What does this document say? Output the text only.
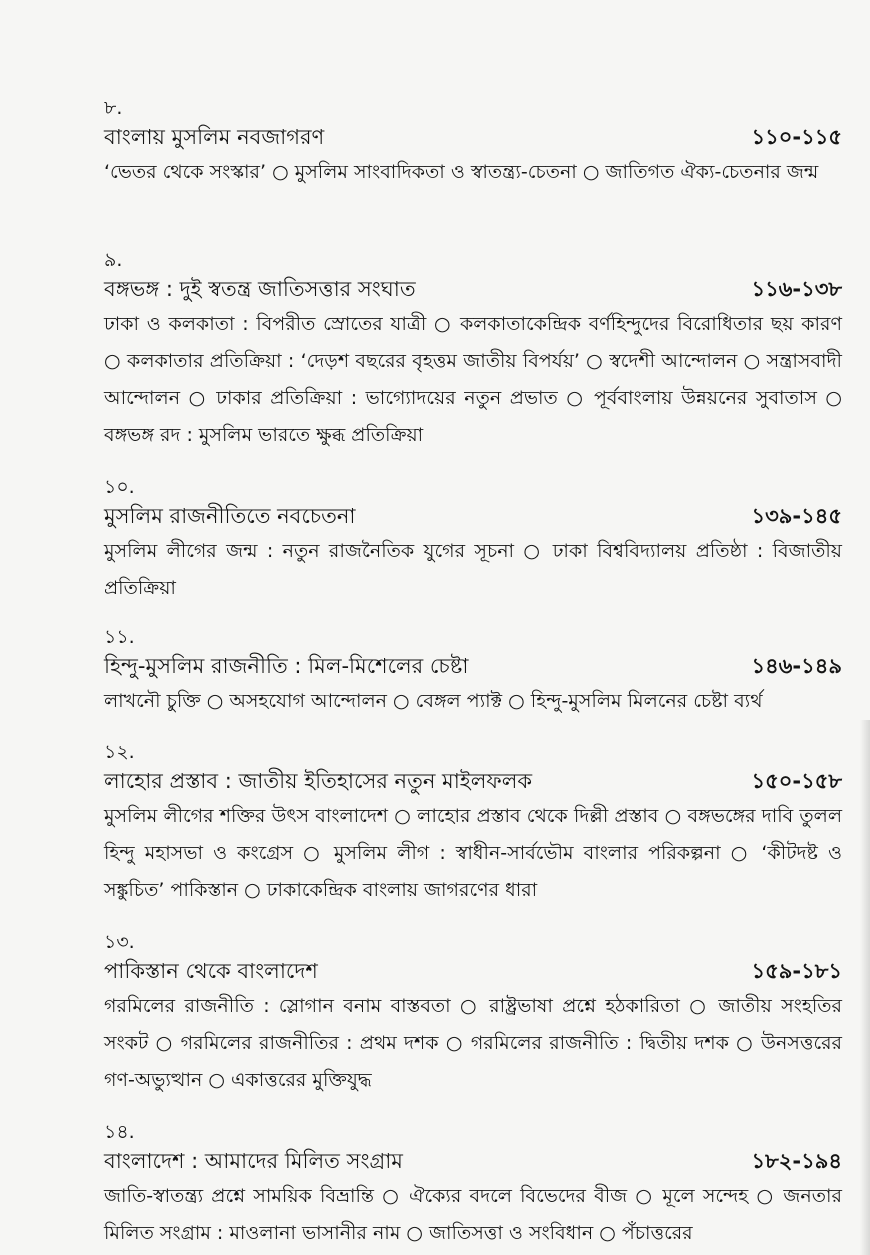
৮.
বাংলায় মুসলিম নবজাগরণ	১১০-১১৫
‘ভেতর থেকে সংস্কার’ ○ মুসলিম সাংবাদিকতা ও স্বাতন্ত্র্য-চেতনা ○ জাতিগত ঐক্য-চেতনার জন্ম
৯.
বঙ্গভঙ্গ : দুই স্বতন্ত্র জাতিসত্তার সংঘাত	১১৬-১৩৮
ঢাকা ও কলকাতা : বিপরীত স্রোতের যাত্রী ○ কলকাতাকেন্দ্রিক বর্ণহিন্দুদের বিরোধিতার ছয় কারণ ○ কলকাতার প্রতিক্রিয়া : ‘দেড়শ বছরের বৃহত্তম জাতীয় বিপর্যয়’ ○ স্বদেশী আন্দোলন ○ সন্ত্রাসবাদী আন্দোলন ○ ঢাকার প্রতিক্রিয়া : ভাগ্যোদয়ের নতুন প্রভাত ○ পূর্ববাংলায় উন্নয়নের সুবাতাস ○ বঙ্গভঙ্গ রদ : মুসলিম ভারতে ক্ষুব্ধ প্রতিক্রিয়া
১০.
মুসলিম রাজনীতিতে নবচেতনা	১৩৯-১৪৫
মুসলিম লীগের জন্ম : নতুন রাজনৈতিক যুগের সূচনা ○ ঢাকা বিশ্ববিদ্যালয় প্রতিষ্ঠা : বিজাতীয় প্রতিক্রিয়া
১১.
হিন্দু-মুসলিম রাজনীতি : মিল-মিশেলের চেষ্টা	১৪৬-১৪৯
লাখনৌ চুক্তি ○ অসহযোগ আন্দোলন ○ বেঙ্গল প্যাক্ট ○ হিন্দু-মুসলিম মিলনের চেষ্টা ব্যর্থ
১২.
লাহোর প্রস্তাব : জাতীয় ইতিহাসের নতুন মাইলফলক	১৫০-১৫৮
মুসলিম লীগের শক্তির উৎস বাংলাদেশ ○ লাহোর প্রস্তাব থেকে দিল্লী প্রস্তাব ○ বঙ্গভঙ্গের দাবি তুলল হিন্দু মহাসভা ও কংগ্রেস ○ মুসলিম লীগ : স্বাধীন-সার্বভৌম বাংলার পরিকল্পনা ○ ‘কীটদষ্ট ও সঙ্কুচিত’ পাকিস্তান ○ ঢাকাকেন্দ্রিক বাংলায় জাগরণের ধারা
১৩.
পাকিস্তান থেকে বাংলাদেশ	১৫৯-১৮১
গরমিলের রাজনীতি : স্লোগান বনাম বাস্তবতা ○ রাষ্ট্রভাষা প্রশ্নে হঠকারিতা ○ জাতীয় সংহতির সংকট ○ গরমিলের রাজনীতির : প্রথম দশক ○ গরমিলের রাজনীতি : দ্বিতীয় দশক ○ উনসত্তরের গণ-অভ্যুত্থান ○ একাত্তরের মুক্তিযুদ্ধ
১৪.
বাংলাদেশ : আমাদের মিলিত সংগ্রাম	১৮২-১৯৪
জাতি-স্বাতন্ত্র্য প্রশ্নে সাময়িক বিভ্রান্তি ○ ঐক্যের বদলে বিভেদের বীজ ○ মূলে সন্দেহ ○ জনতার মিলিত সংগ্রাম : মাওলানা ভাসানীর নাম ○ জাতিসত্তা ও সংবিধান ○ পঁচাত্তরের
